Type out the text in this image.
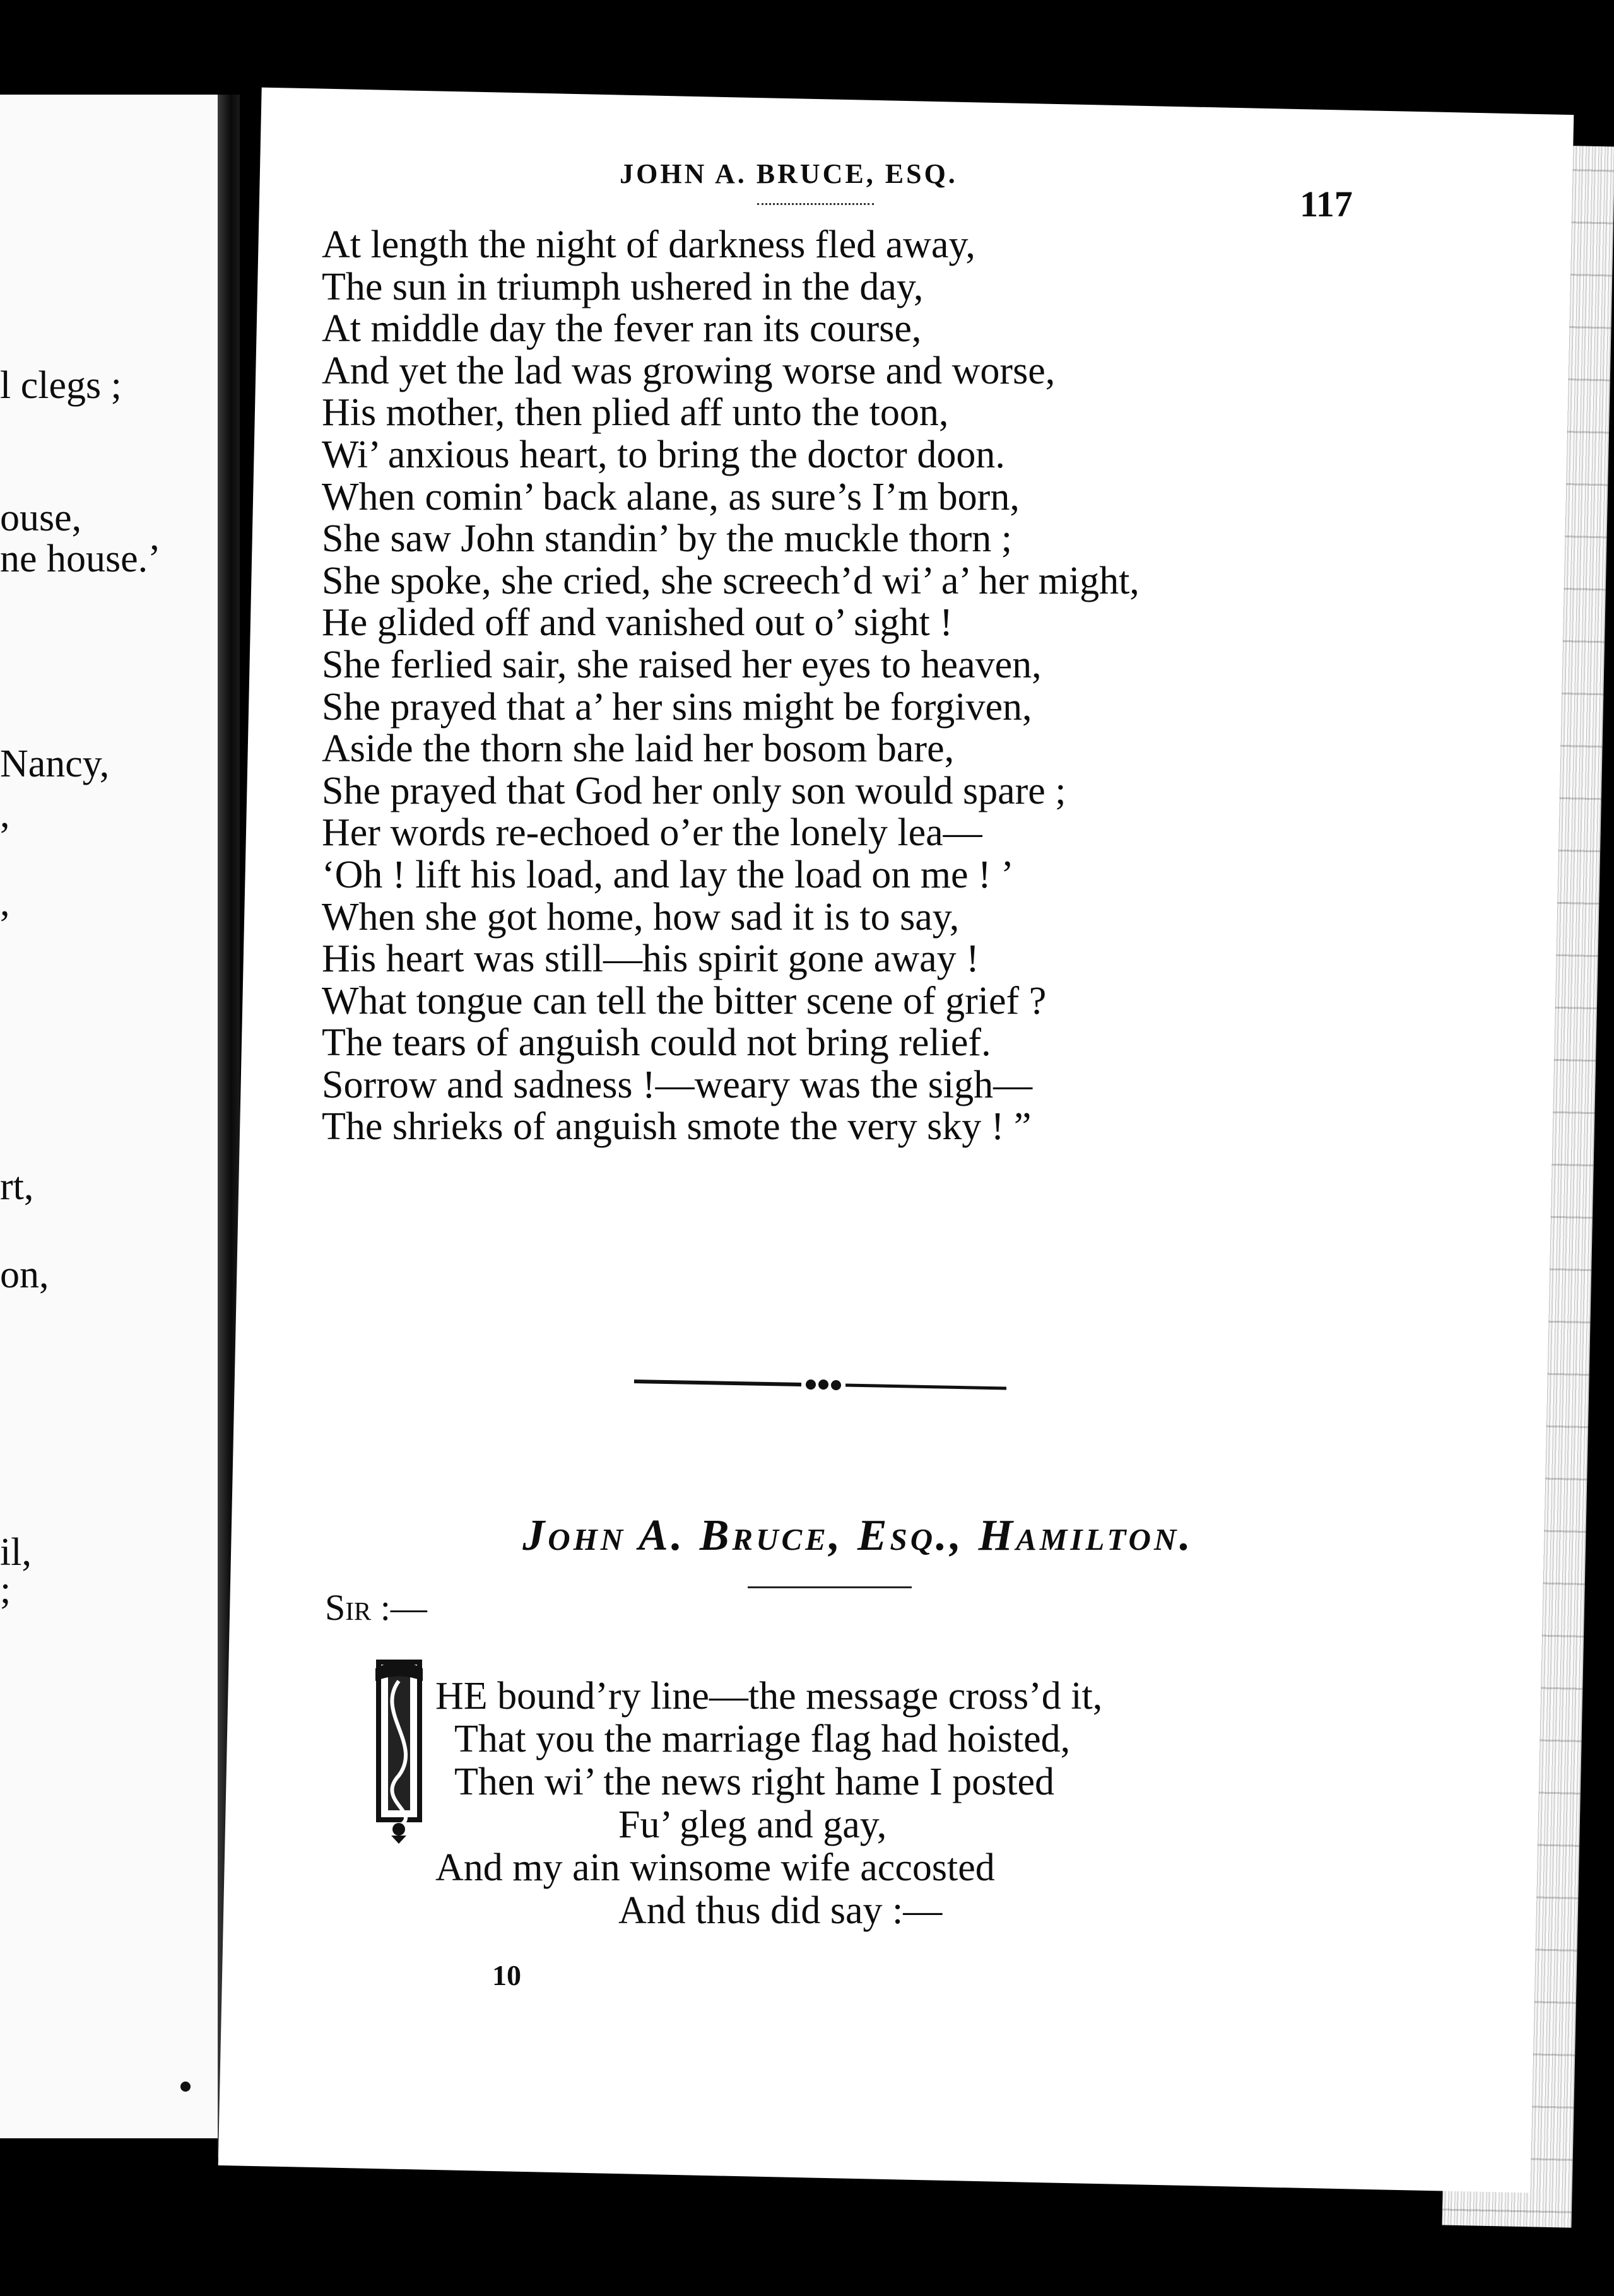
l clegs ;
ouse,
ne house.’
Nancy,
,
,
rt,
on,
il,
;
JOHN A. BRUCE, ESQ.
117
At length the night of darkness fled away,
The sun in triumph ushered in the day,
At middle day the fever ran its course,
And yet the lad was growing worse and worse,
His mother, then plied aff unto the toon,
Wi’ anxious heart, to bring the doctor doon.
When comin’ back alane, as sure’s I’m born,
She saw John standin’ by the muckle thorn ;
She spoke, she cried, she screech’d wi’ a’ her might,
He glided off and vanished out o’ sight !
She ferlied sair, she raised her eyes to heaven,
She prayed that a’ her sins might be forgiven,
Aside the thorn she laid her bosom bare,
She prayed that God her only son would spare ;
Her words re-echoed o’er the lonely lea—
‘Oh ! lift his load, and lay the load on me ! ’
When she got home, how sad it is to say,
His heart was still—his spirit gone away !
What tongue can tell the bitter scene of grief ?
The tears of anguish could not bring relief.
Sorrow and sadness !—weary was the sigh—
The shrieks of anguish smote the very sky ! ”
John A. Bruce, Esq., Hamilton.
Sir :—
HE bound’ry line—the message cross’d it,
That you the marriage flag had hoisted,
Then wi’ the news right hame I posted
Fu’ gleg and gay,
And my ain winsome wife accosted
And thus did say :—
10
